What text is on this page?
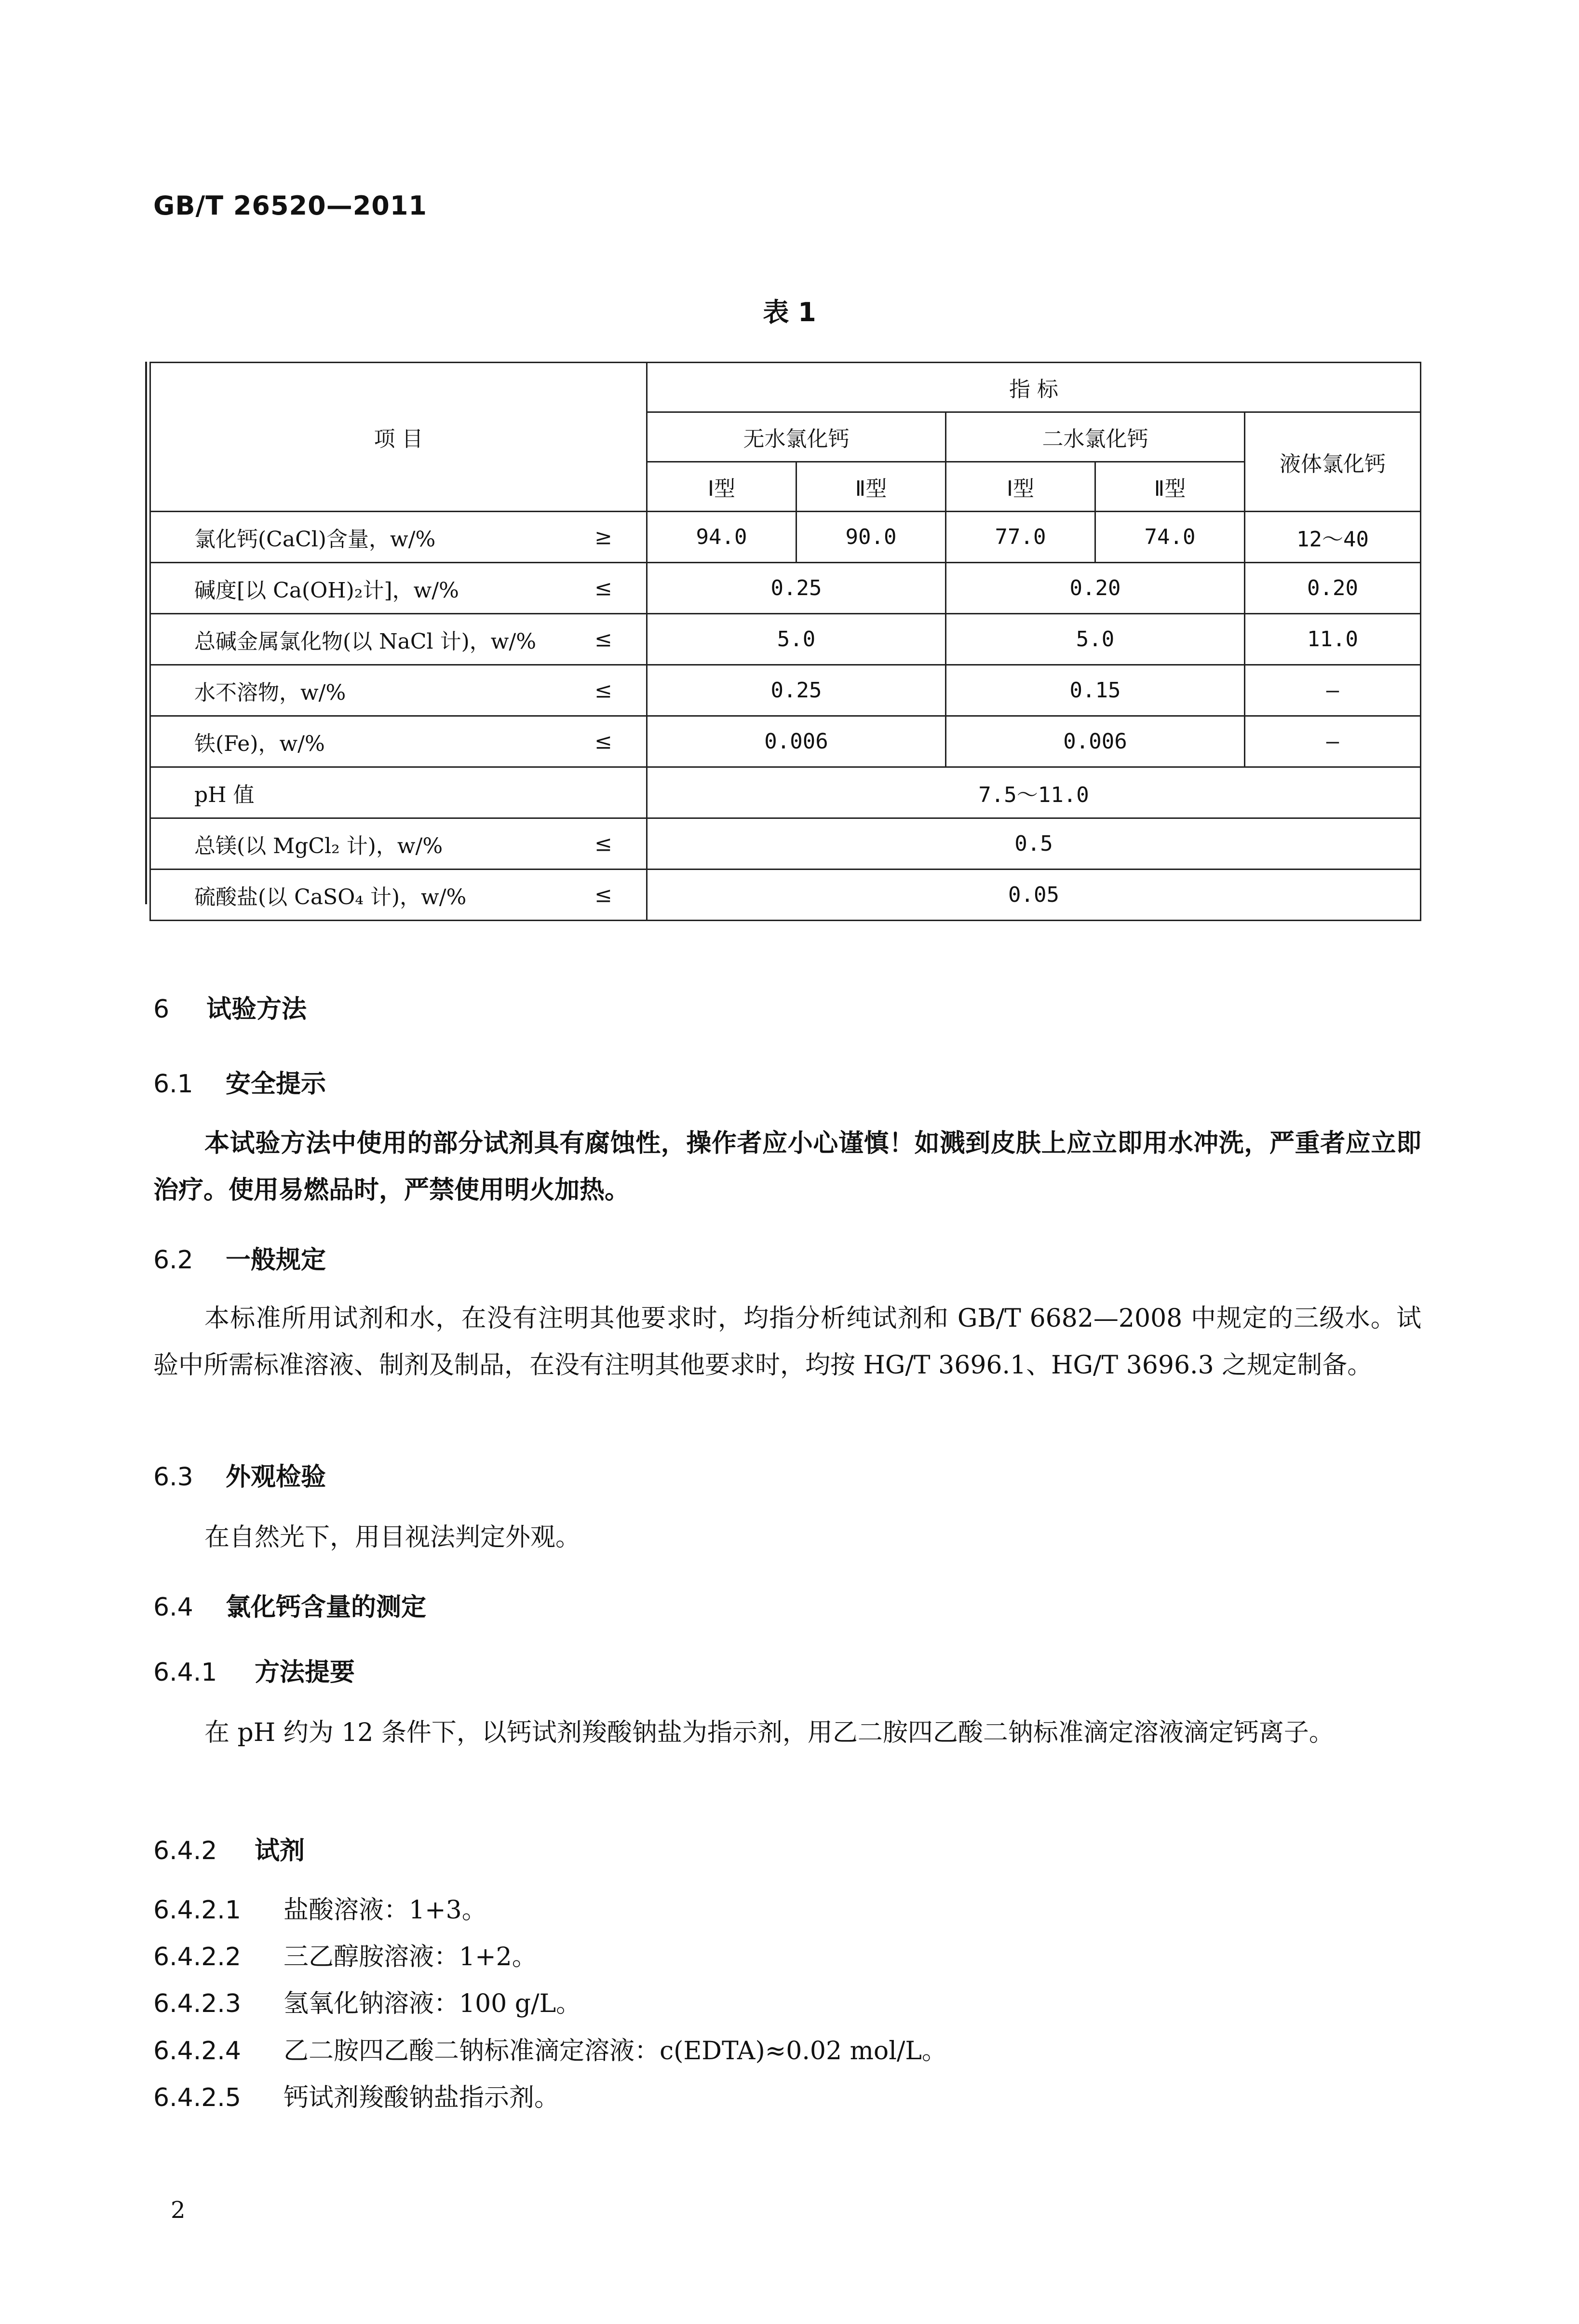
GB/T 26520—2011
表 1
项 目	指 标				
	无水氯化钙		二水氯化钙		液体氯化钙
	Ⅰ型	Ⅱ型	Ⅰ型	Ⅱ型	
氯化钙(CaCl)含量，w/% ≥	94.0	90.0	77.0	74.0	12～40
碱度[以 Ca(OH)₂计]，w/% ≤	0.25		0.20		0.20
总碱金属氯化物(以 NaCl 计)，w/% ≤	5.0		5.0		11.0
水不溶物，w/% ≤	0.25		0.15		—
铁(Fe)，w/% ≤	0.006		0.006		—
pH 值	7.5～11.0				
总镁(以 MgCl₂ 计)，w/% ≤	0.5				
硫酸盐(以 CaSO₄ 计)，w/% ≤	0.05				
6 试验方法
6.1 安全提示
本试验方法中使用的部分试剂具有腐蚀性，操作者应小心谨慎！如溅到皮肤上应立即用水冲洗，严重者应立即治疗。使用易燃品时，严禁使用明火加热。
6.2 一般规定
本标准所用试剂和水，在没有注明其他要求时，均指分析纯试剂和 GB/T 6682—2008 中规定的三级水。试验中所需标准溶液、制剂及制品，在没有注明其他要求时，均按 HG/T 3696.1、HG/T 3696.3 之规定制备。
6.3 外观检验
在自然光下，用目视法判定外观。
6.4 氯化钙含量的测定
6.4.1 方法提要
在 pH 约为 12 条件下，以钙试剂羧酸钠盐为指示剂，用乙二胺四乙酸二钠标准滴定溶液滴定钙离子。
6.4.2 试剂
6.4.2.1 盐酸溶液：1+3。
6.4.2.2 三乙醇胺溶液：1+2。
6.4.2.3 氢氧化钠溶液：100 g/L。
6.4.2.4 乙二胺四乙酸二钠标准滴定溶液：c(EDTA)≈0.02 mol/L。
6.4.2.5 钙试剂羧酸钠盐指示剂。
2
